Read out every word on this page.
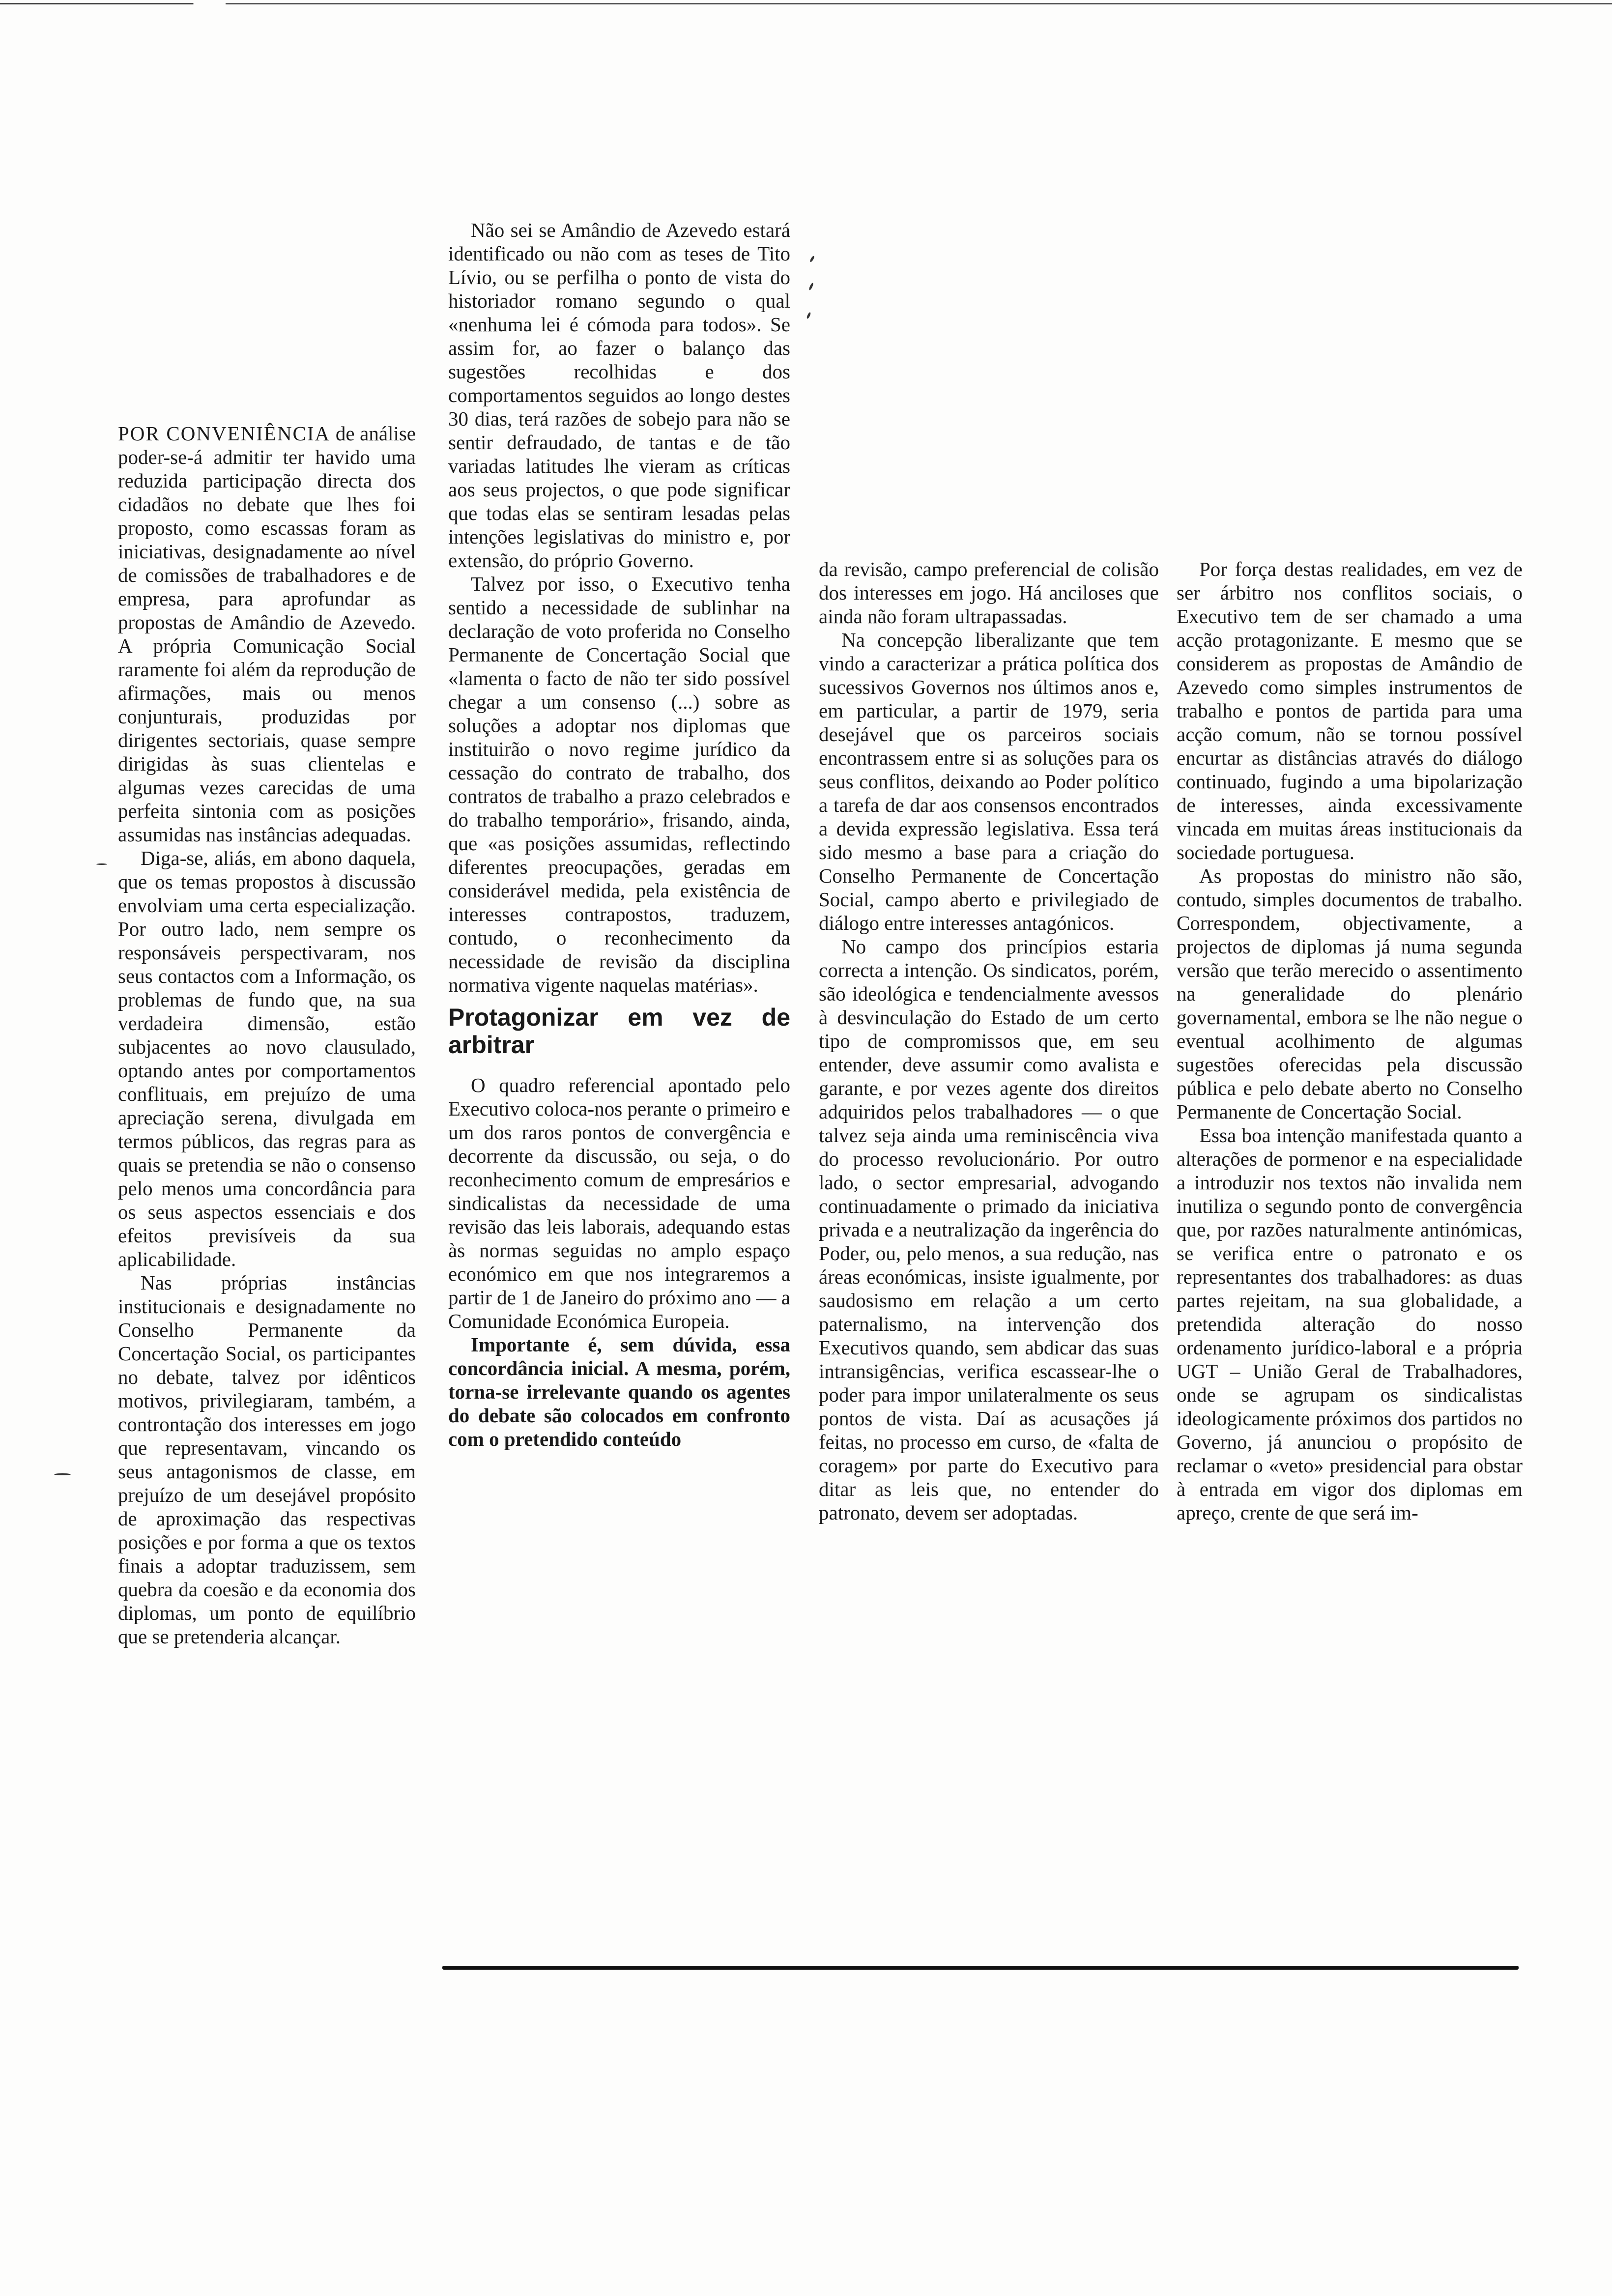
POR CONVENIÊNCIA de análise poder-se-á admitir ter havido uma reduzida participação directa dos cidadãos no debate que lhes foi proposto, como escassas foram as iniciativas, designadamente ao nível de comissões de trabalhadores e de empresa, para aprofundar as propostas de Amândio de Azevedo. A própria Comunicação Social raramente foi além da reprodução de afirmações, mais ou menos conjunturais, produzidas por dirigentes sectoriais, quase sempre dirigidas às suas clientelas e algumas vezes carecidas de uma perfeita sintonia com as posições assumidas nas instâncias adequadas.

Diga-se, aliás, em abono daquela, que os temas propostos à discussão envolviam uma certa especialização. Por outro lado, nem sempre os responsáveis perspectivaram, nos seus contactos com a Informação, os problemas de fundo que, na sua verdadeira dimensão, estão subjacentes ao novo clausulado, optando antes por comportamentos conflituais, em prejuízo de uma apreciação serena, divulgada em termos públicos, das regras para as quais se pretendia se não o consenso pelo menos uma concordância para os seus aspectos essenciais e dos efeitos previsíveis da sua aplicabilidade.

Nas próprias instâncias institucionais e designadamente no Conselho Permanente da Concertação Social, os participantes no debate, talvez por idênticos motivos, privilegiaram, também, a controntação dos interesses em jogo que representavam, vincando os seus antagonismos de classe, em prejuízo de um desejável propósito de aproximação das respectivas posições e por forma a que os textos finais a adoptar traduzissem, sem quebra da coesão e da economia dos diplomas, um ponto de equilíbrio que se pretenderia alcançar.

Não sei se Amândio de Azevedo estará identificado ou não com as teses de Tito Lívio, ou se perfilha o ponto de vista do historiador romano segundo o qual «nenhuma lei é cómoda para todos». Se assim for, ao fazer o balanço das sugestões recolhidas e dos comportamentos seguidos ao longo destes 30 dias, terá razões de sobejo para não se sentir defraudado, de tantas e de tão variadas latitudes lhe vieram as críticas aos seus projectos, o que pode significar que todas elas se sentiram lesadas pelas intenções legislativas do ministro e, por extensão, do próprio Governo.

Talvez por isso, o Executivo tenha sentido a necessidade de sublinhar na declaração de voto proferida no Conselho Permanente de Concertação Social que «lamenta o facto de não ter sido possível chegar a um consenso (...) sobre as soluções a adoptar nos diplomas que instituirão o novo regime jurídico da cessação do contrato de trabalho, dos contratos de trabalho a prazo celebrados e do trabalho temporário», frisando, ainda, que «as posições assumidas, reflectindo diferentes preocupações, geradas em considerável medida, pela existência de interesses contrapostos, traduzem, contudo, o reconhecimento da necessidade de revisão da disciplina normativa vigente naquelas matérias».

Protagonizar em vez de arbitrar

O quadro referencial apontado pelo Executivo coloca-nos perante o primeiro e um dos raros pontos de convergência e decorrente da discussão, ou seja, o do reconhecimento comum de empresários e sindicalistas da necessidade de uma revisão das leis laborais, adequando estas às normas seguidas no amplo espaço económico em que nos integraremos a partir de 1 de Janeiro do próximo ano — a Comunidade Económica Europeia.

Importante é, sem dúvida, essa concordância inicial. A mesma, porém, torna-se irrelevante quando os agentes do debate são colocados em confronto com o pretendido conteúdo

da revisão, campo preferencial de colisão dos interesses em jogo. Há anciloses que ainda não foram ultrapassadas.

Na concepção liberalizante que tem vindo a caracterizar a prática política dos sucessivos Governos nos últimos anos e, em particular, a partir de 1979, seria desejável que os parceiros sociais encontrassem entre si as soluções para os seus conflitos, deixando ao Poder político a tarefa de dar aos consensos encontrados a devida expressão legislativa. Essa terá sido mesmo a base para a criação do Conselho Permanente de Concertação Social, campo aberto e privilegiado de diálogo entre interesses antagónicos.

No campo dos princípios estaria correcta a intenção. Os sindicatos, porém, são ideológica e tendencialmente avessos à desvinculação do Estado de um certo tipo de compromissos que, em seu entender, deve assumir como avalista e garante, e por vezes agente dos direitos adquiridos pelos trabalhadores — o que talvez seja ainda uma reminiscência viva do processo revolucionário. Por outro lado, o sector empresarial, advogando continuadamente o primado da iniciativa privada e a neutralização da ingerência do Poder, ou, pelo menos, a sua redução, nas áreas económicas, insiste igualmente, por saudosismo em relação a um certo paternalismo, na intervenção dos Executivos quando, sem abdicar das suas intransigências, verifica escassear-lhe o poder para impor unilateralmente os seus pontos de vista. Daí as acusações já feitas, no processo em curso, de «falta de coragem» por parte do Executivo para ditar as leis que, no entender do patronato, devem ser adoptadas.

Por força destas realidades, em vez de ser árbitro nos conflitos sociais, o Executivo tem de ser chamado a uma acção protagonizante. E mesmo que se considerem as propostas de Amândio de Azevedo como simples instrumentos de trabalho e pontos de partida para uma acção comum, não se tornou possível encurtar as distâncias através do diálogo continuado, fugindo a uma bipolarização de interesses, ainda excessivamente vincada em muitas áreas institucionais da sociedade portuguesa.

As propostas do ministro não são, contudo, simples documentos de trabalho. Correspondem, objectivamente, a projectos de diplomas já numa segunda versão que terão merecido o assentimento na generalidade do plenário governamental, embora se lhe não negue o eventual acolhimento de algumas sugestões oferecidas pela discussão pública e pelo debate aberto no Conselho Permanente de Concertação Social.

Essa boa intenção manifestada quanto a alterações de pormenor e na especialidade a introduzir nos textos não invalida nem inutiliza o segundo ponto de convergência que, por razões naturalmente antinómicas, se verifica entre o patronato e os representantes dos trabalhadores: as duas partes rejeitam, na sua globalidade, a pretendida alteração do nosso ordenamento jurídico-laboral e a própria UGT – União Geral de Trabalhadores, onde se agrupam os sindicalistas ideologicamente próximos dos partidos no Governo, já anunciou o propósito de reclamar o «veto» presidencial para obstar à entrada em vigor dos diplomas em apreço, crente de que será im-
